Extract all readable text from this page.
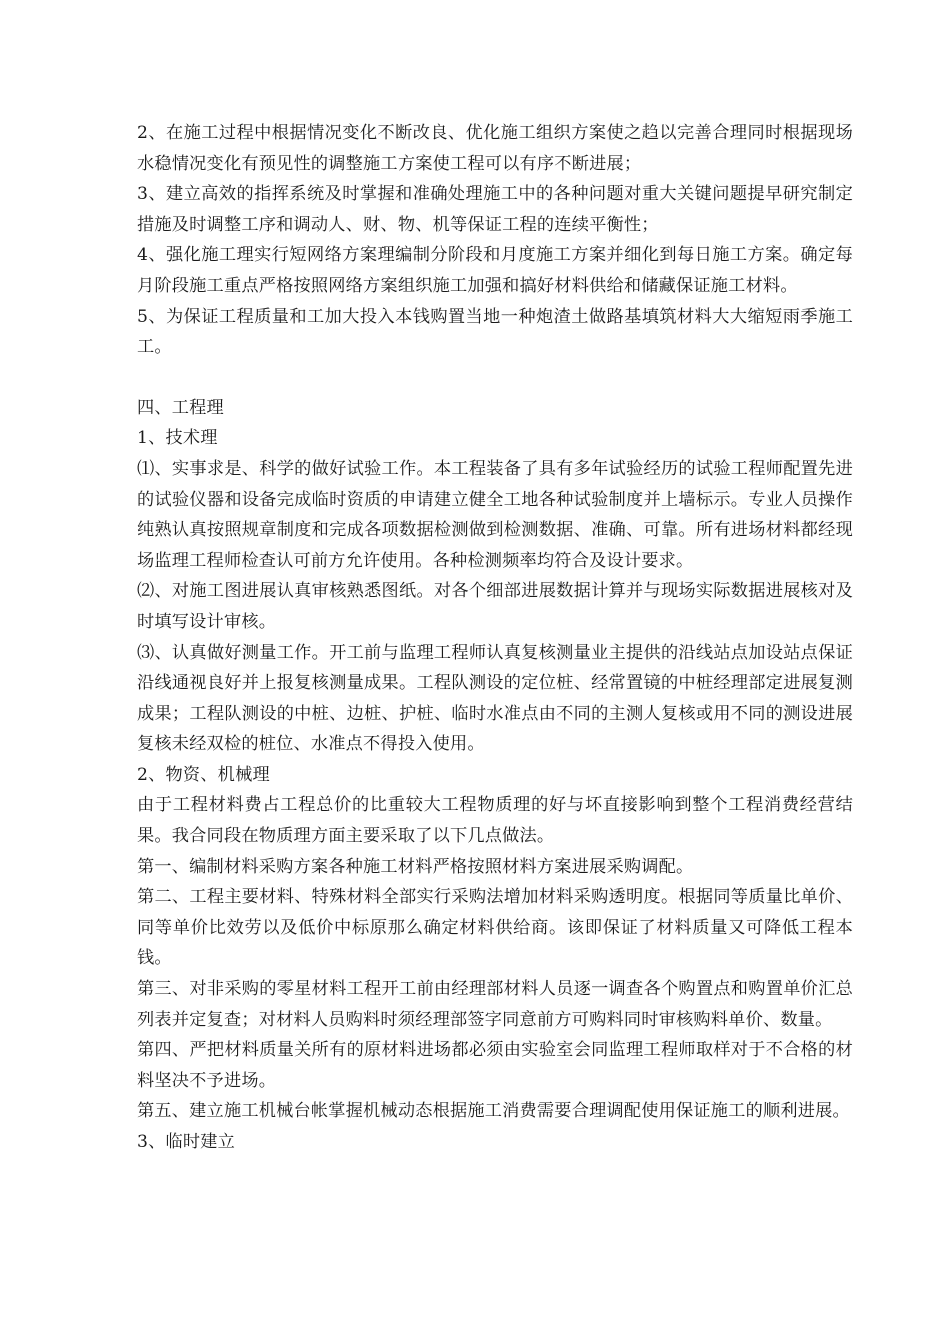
2、在施工过程中根据情况变化不断改良、优化施工组织方案使之趋以完善合理同时根据现场水稳情况变化有预见性的调整施工方案使工程可以有序不断进展；

3、建立高效的指挥系统及时掌握和准确处理施工中的各种问题对重大关键问题提早研究制定措施及时调整工序和调动人、财、物、机等保证工程的连续平衡性；

4、强化施工理实行短网络方案理编制分阶段和月度施工方案并细化到每日施工方案。确定每月阶段施工重点严格按照网络方案组织施工加强和搞好材料供给和储藏保证施工材料。

5、为保证工程质量和工加大投入本钱购置当地一种炮渣土做路基填筑材料大大缩短雨季施工工。

四、工程理

1、技术理

⑴、实事求是、科学的做好试验工作。本工程装备了具有多年试验经历的试验工程师配置先进的试验仪器和设备完成临时资质的申请建立健全工地各种试验制度并上墙标示。专业人员操作纯熟认真按照规章制度和完成各项数据检测做到检测数据、准确、可靠。所有进场材料都经现场监理工程师检查认可前方允许使用。各种检测频率均符合及设计要求。

⑵、对施工图进展认真审核熟悉图纸。对各个细部进展数据计算并与现场实际数据进展核对及时填写设计审核。

⑶、认真做好测量工作。开工前与监理工程师认真复核测量业主提供的沿线站点加设站点保证沿线通视良好并上报复核测量成果。工程队测设的定位桩、经常置镜的中桩经理部定进展复测成果；工程队测设的中桩、边桩、护桩、临时水准点由不同的主测人复核或用不同的测设进展复核未经双检的桩位、水准点不得投入使用。

2、物资、机械理

由于工程材料费占工程总价的比重较大工程物质理的好与坏直接影响到整个工程消费经营结果。我合同段在物质理方面主要采取了以下几点做法。

第一、编制材料采购方案各种施工材料严格按照材料方案进展采购调配。

第二、工程主要材料、特殊材料全部实行采购法增加材料采购透明度。根据同等质量比单价、同等单价比效劳以及低价中标原那么确定材料供给商。该即保证了材料质量又可降低工程本钱。

第三、对非采购的零星材料工程开工前由经理部材料人员逐一调查各个购置点和购置单价汇总列表并定复查；对材料人员购料时须经理部签字同意前方可购料同时审核购料单价、数量。

第四、严把材料质量关所有的原材料进场都必须由实验室会同监理工程师取样对于不合格的材料坚决不予进场。

第五、建立施工机械台帐掌握机械动态根据施工消费需要合理调配使用保证施工的顺利进展。

3、临时建立
